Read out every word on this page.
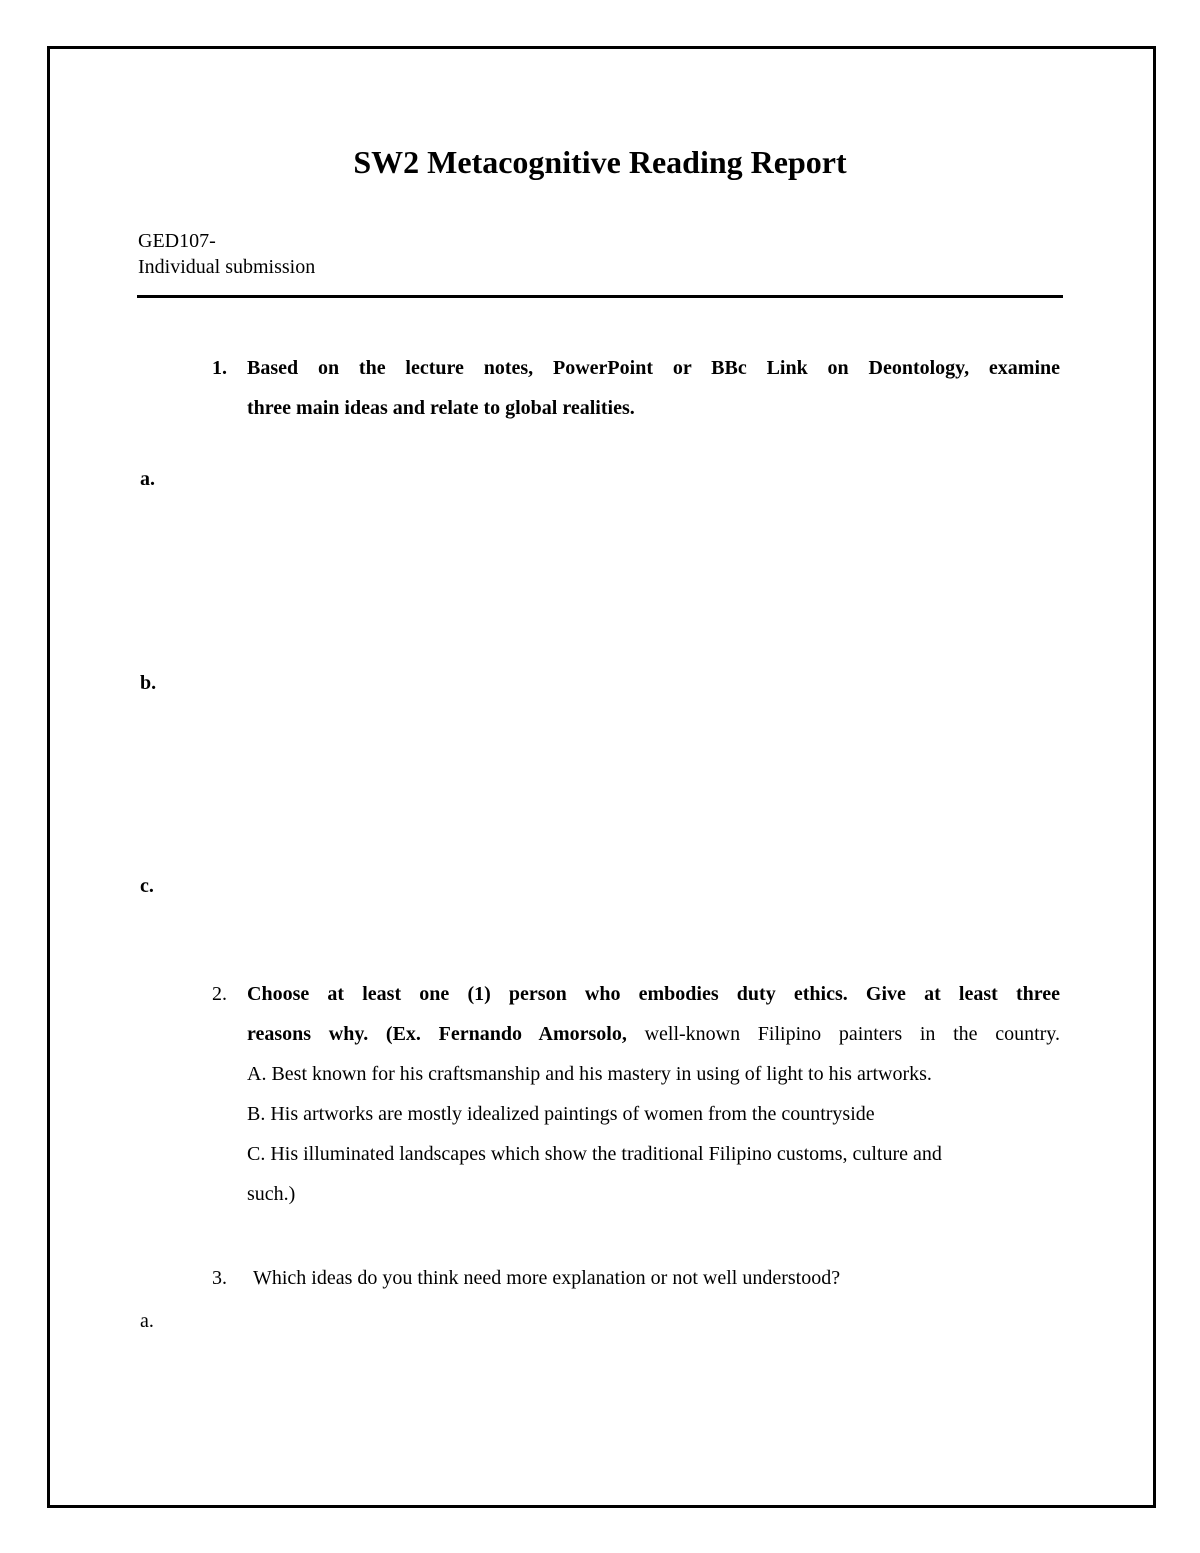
SW2 Metacognitive Reading Report
GED107-
Individual submission
1. Based on the lecture notes, PowerPoint or BBc Link on Deontology, examine
three main ideas and relate to global realities.
a.
b.
c.
2. Choose at least one (1) person who embodies duty ethics. Give at least three
reasons why. (Ex. Fernando Amorsolo, well-known Filipino painters in the country.
A. Best known for his craftsmanship and his mastery in using of light to his artworks.
B. His artworks are mostly idealized paintings of women from the countryside
C. His illuminated landscapes which show the traditional Filipino customs, culture and
such.)
3. Which ideas do you think need more explanation or not well understood?
a.
